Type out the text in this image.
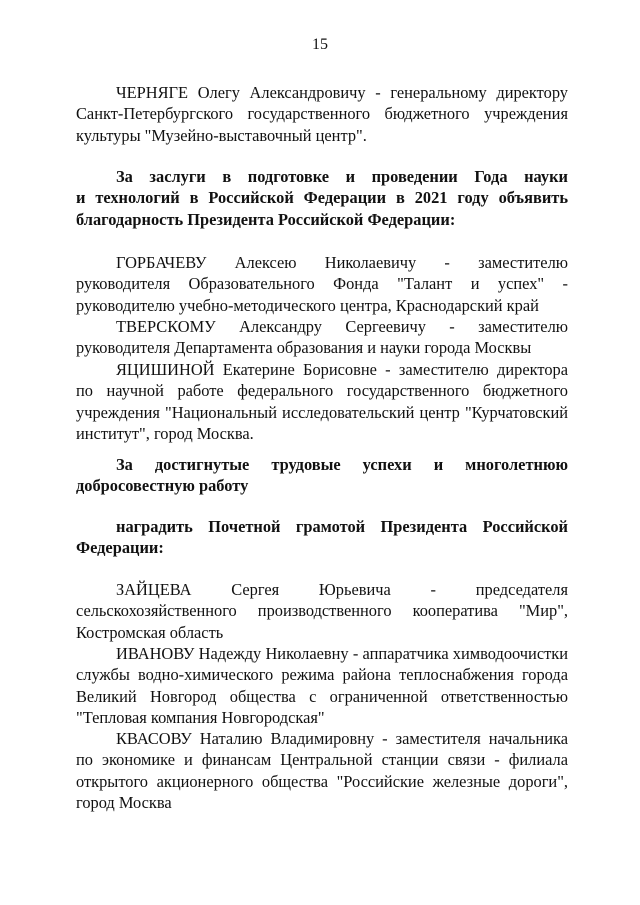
15
ЧЕРНЯГЕ Олегу Александровичу - генеральному директору
Санкт-Петербургского государственного бюджетного учреждения
культуры "Музейно-выставочный центр".
За заслуги в подготовке и проведении Года науки
и технологий в Российской Федерации в 2021 году объявить
благодарность Президента Российской Федерации:
ГОРБАЧЕВУ Алексею Николаевичу - заместителю
руководителя Образовательного Фонда "Талант и успех" -
руководителю учебно-методического центра, Краснодарский край
ТВЕРСКОМУ Александру Сергеевичу - заместителю
руководителя Департамента образования и науки города Москвы
ЯЦИШИНОЙ Екатерине Борисовне - заместителю директора
по научной работе федерального государственного бюджетного
учреждения "Национальный исследовательский центр "Курчатовский
институт", город Москва.
За достигнутые трудовые успехи и многолетнюю
добросовестную работу
наградить Почетной грамотой Президента Российской
Федерации:
ЗАЙЦЕВА Сергея Юрьевича - председателя
сельскохозяйственного производственного кооператива "Мир",
Костромская область
ИВАНОВУ Надежду Николаевну - аппаратчика химводоочистки
службы водно-химического режима района теплоснабжения города
Великий Новгород общества с ограниченной ответственностью
"Тепловая компания Новгородская"
КВАСОВУ Наталию Владимировну - заместителя начальника
по экономике и финансам Центральной станции связи - филиала
открытого акционерного общества "Российские железные дороги",
город Москва
